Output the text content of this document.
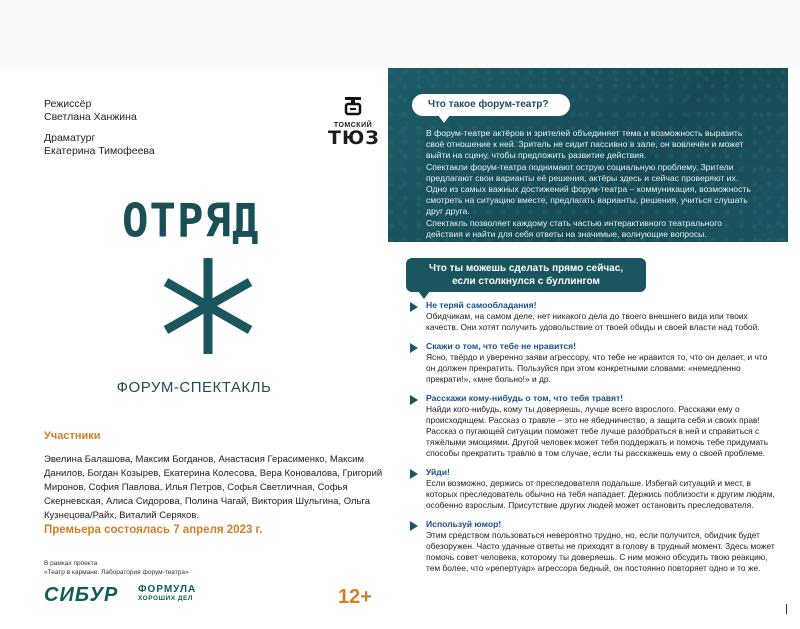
Режиссёр
Светлана Ханжина
Драматург
Екатерина Тимофеева
ТОМСКИЙ
ТЮЗ
ОТРЯД
ФОРУМ-СПЕКТАКЛЬ
Участники
Эвелина Балашова, Максим Богданов, Анастасия Герасименко, Максим Данилов, Богдан Козырев, Екатерина Колесова, Вера Коновалова, Григорий Миронов, София Павлова, Илья Петров, Софья Светличная, Софья Скерневская, Алиса Сидорова, Полина Чагай, Виктория Шульгина, Ольга Кузнецова/Райх, Виталий Серяков.
Премьера состоялась 7 апреля 2023 г.
В рамках проекта
«Театр в кармане. Лаборатория форум-театра»
СИБУР ФОРМУЛА
ХОРОШИХ ДЕЛ	12+
Что такое форум-театр?

В форум-театре актёров и зрителей объединяет тема и возможность выразить своё отношение к ней. Зритель не сидит пассивно в зале, он вовлечён и может выйти на сцену, чтобы предложить развитие действия.

Спектакли форум-театра поднимают острую социальную проблему. Зрители предлагают свои варианты её решения, актёры здесь и сейчас проверяют их.

Одно из самых важных достижений форум-театра – коммуникация, возможность смотреть на ситуацию вместе, предлагать варианты, решения, учиться слушать друг друга.

Спектакль позволяет каждому стать частью интерактивного театрального действия и найти для себя ответы на значимые, волнующие вопросы.

Что ты можешь сделать прямо сейчас,
если столкнулся с буллингом
Не теряй самообладания!
Обидчикам, на самом деле, нет никакого дела до твоего внешнего вида или твоих качеств. Они хотят получить удовольствие от твоей обиды и своей власти над тобой.
Скажи о том, что тебе не нравится!
Ясно, твёрдо и уверенно заяви агрессору, что тебе не нравится то, что он делает, и что он должен прекратить. Пользуйся при этом конкретными словами: «немедленно прекрати!», «мне больно!» и др.
Расскажи кому-нибудь о том, что тебя травят!
Найди кого-нибудь, кому ты доверяешь, лучше всего взрослого. Расскажи ему о происходящем. Рассказ о травле – это не ябедничество, а защита себя и своих прав! Рассказ о пугающей ситуации поможет тебе лучше разобраться в ней и справиться с тяжёлыми эмоциями. Другой человек может тебя поддержать и помочь тебе придумать способы прекратить травлю в том случае, если ты расскажешь ему о своей проблеме.
Уйди!
Если возможно, держись от преследователя подальше. Избегай ситуаций и мест, в которых преследователь обычно на тебя нападает. Держись поблизости к другим людям, особенно взрослым. Присутствие других людей может остановить преследователя.
Используй юмор!
Этим средством пользоваться невероятно трудно, но, если получится, обидчик будет обезоружен. Часто удачные ответы не приходят в голову в трудный момент. Здесь может помочь совет человека, которому ты доверяешь. С ним можно обсудить твою реакцию, тем более, что «репертуар» агрессора бедный, он постоянно повторяет одно и то же.
